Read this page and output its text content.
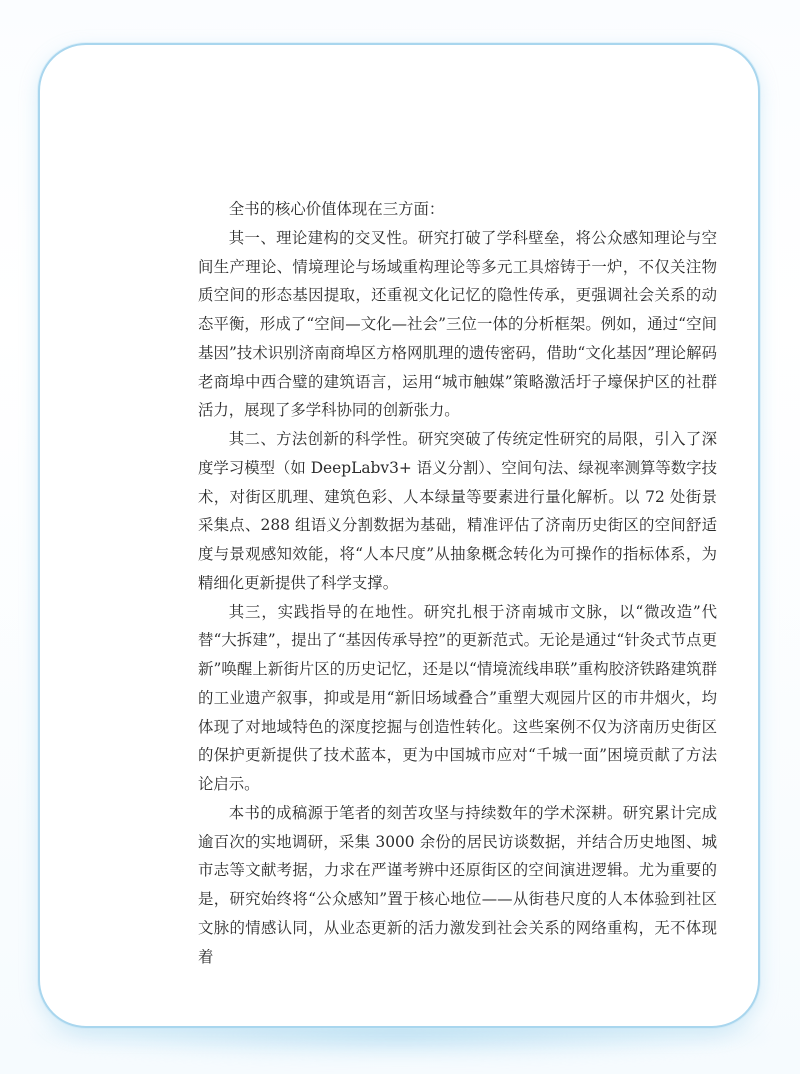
全书的核心价值体现在三方面：

其一、理论建构的交叉性。研究打破了学科壁垒，将公众感知理论与空间生产理论、情境理论与场域重构理论等多元工具熔铸于一炉，不仅关注物质空间的形态基因提取，还重视文化记忆的隐性传承，更强调社会关系的动态平衡，形成了“空间—文化—社会”三位一体的分析框架。例如，通过“空间基因”技术识别济南商埠区方格网肌理的遗传密码，借助“文化基因”理论解码老商埠中西合璧的建筑语言，运用“城市触媒”策略激活圩子壕保护区的社群活力，展现了多学科协同的创新张力。

其二、方法创新的科学性。研究突破了传统定性研究的局限，引入了深度学习模型（如 DeepLabv3+ 语义分割）、空间句法、绿视率测算等数字技术，对街区肌理、建筑色彩、人本绿量等要素进行量化解析。以 72 处街景采集点、288 组语义分割数据为基础，精准评估了济南历史街区的空间舒适度与景观感知效能，将“人本尺度”从抽象概念转化为可操作的指标体系，为精细化更新提供了科学支撑。

其三，实践指导的在地性。研究扎根于济南城市文脉，以“微改造”代替“大拆建”，提出了“基因传承导控”的更新范式。无论是通过“针灸式节点更新”唤醒上新街片区的历史记忆，还是以“情境流线串联”重构胶济铁路建筑群的工业遗产叙事，抑或是用“新旧场域叠合”重塑大观园片区的市井烟火，均体现了对地域特色的深度挖掘与创造性转化。这些案例不仅为济南历史街区的保护更新提供了技术蓝本，更为中国城市应对“千城一面”困境贡献了方法论启示。

本书的成稿源于笔者的刻苦攻坚与持续数年的学术深耕。研究累计完成逾百次的实地调研，采集 3000 余份的居民访谈数据，并结合历史地图、城市志等文献考据，力求在严谨考辨中还原街区的空间演进逻辑。尤为重要的是，研究始终将“公众感知”置于核心地位——从街巷尺度的人本体验到社区文脉的情感认同，从业态更新的活力激发到社会关系的网络重构，无不体现着
